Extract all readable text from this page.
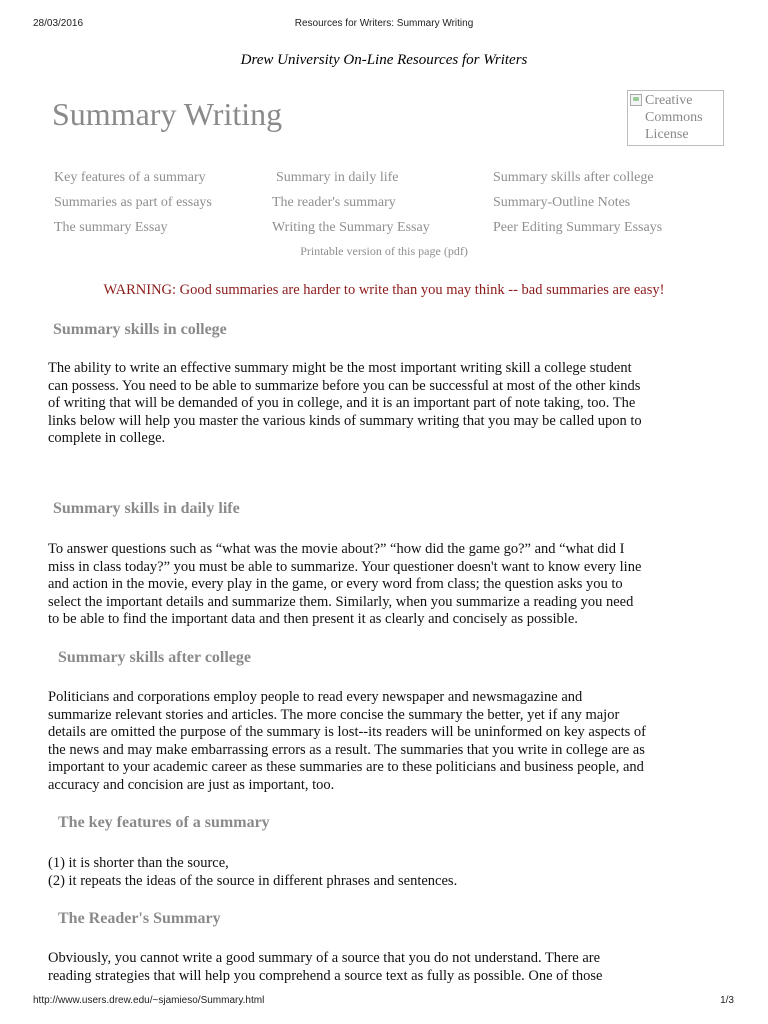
28/03/2016	Resources for Writers: Summary Writing
Drew University On-Line Resources for Writers
Summary Writing	Creative
Commons
License
Key features of a summary	Summary in daily life	Summary skills after college
Summaries as part of essays	The reader's summary	Summary-Outline Notes
The summary Essay	Writing the Summary Essay	Peer Editing Summary Essays
Printable version of this page (pdf)
WARNING: Good summaries are harder to write than you may think -- bad summaries are easy!
Summary skills in college
The ability to write an effective summary might be the most important writing skill a college student
can possess. You need to be able to summarize before you can be successful at most of the other kinds
of writing that will be demanded of you in college, and it is an important part of note taking, too. The
links below will help you master the various kinds of summary writing that you may be called upon to
complete in college.
Summary skills in daily life
To answer questions such as “what was the movie about?” “how did the game go?” and “what did I
miss in class today?” you must be able to summarize. Your questioner doesn't want to know every line
and action in the movie, every play in the game, or every word from class; the question asks you to
select the important details and summarize them. Similarly, when you summarize a reading you need
to be able to find the important data and then present it as clearly and concisely as possible.
Summary skills after college
Politicians and corporations employ people to read every newspaper and newsmagazine and
summarize relevant stories and articles. The more concise the summary the better, yet if any major
details are omitted the purpose of the summary is lost--its readers will be uninformed on key aspects of
the news and may make embarrassing errors as a result. The summaries that you write in college are as
important to your academic career as these summaries are to these politicians and business people, and
accuracy and concision are just as important, too.
The key features of a summary
(1) it is shorter than the source,
(2) it repeats the ideas of the source in different phrases and sentences.
The Reader's Summary
Obviously, you cannot write a good summary of a source that you do not understand. There are
reading strategies that will help you comprehend a source text as fully as possible. One of those
http://www.users.drew.edu/~sjamieso/Summary.html	1/3
